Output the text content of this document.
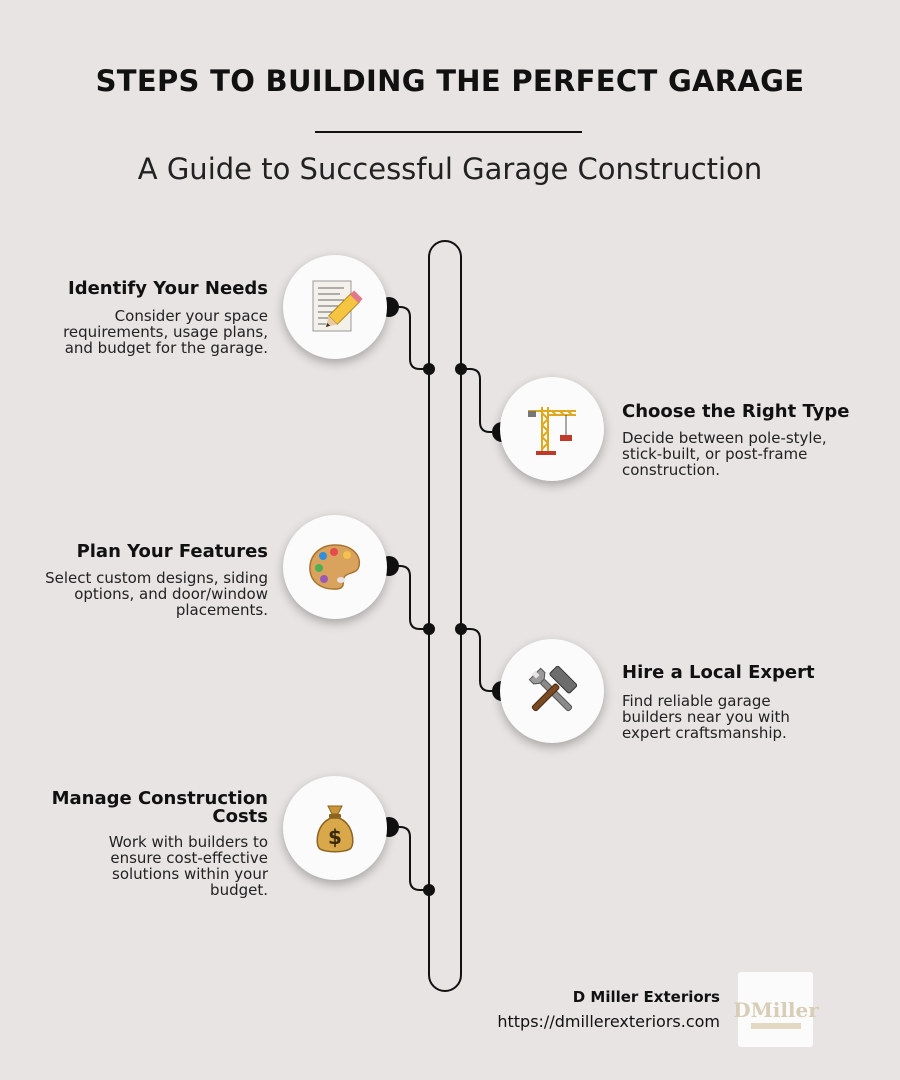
STEPS TO BUILDING THE PERFECT GARAGE
A Guide to Successful Garage Construction
Identify Your Needs
Consider your space requirements, usage plans, and budget for the garage.
Choose the Right Type
Decide between pole-style, stick-built, or post-frame construction.
Plan Your Features
Select custom designs, siding options, and door/window placements.
Hire a Local Expert
Find reliable garage builders near you with expert craftsmanship.
$
Manage Construction Costs
Work with builders to ensure cost-effective solutions within your budget.
D Miller Exteriors
https://dmillerexteriors.com DMiller
